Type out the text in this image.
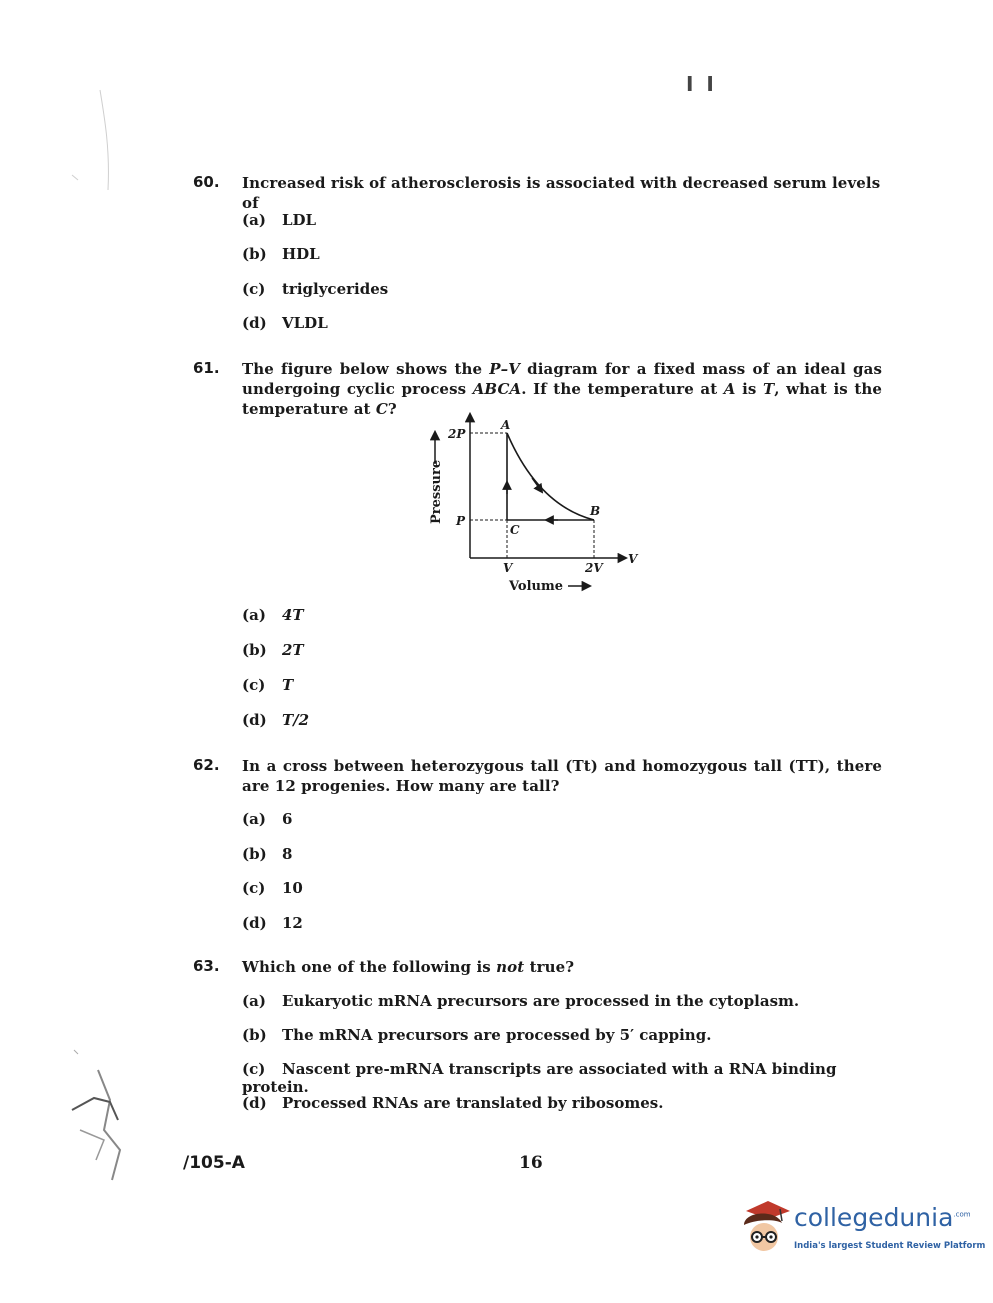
I I
60. Increased risk of atherosclerosis is associated with decreased serum levels of
(a) LDL
(b) HDL
(c) triglycerides
(d) VLDL
61. The figure below shows the P–V diagram for a fixed mass of an ideal gas undergoing cyclic process ABCA. If the temperature at A is T, what is the temperature at C?
2P
P
A
B
C
V	2V
V
Volume
Pressure
(a) 4T
(b) 2T
(c) T
(d) T/2
62. In a cross between heterozygous tall (Tt) and homozygous tall (TT), there are 12 progenies. How many are tall?
(a) 6
(b) 8
(c) 10
(d) 12
63. Which one of the following is not true?
(a) Eukaryotic mRNA precursors are processed in the cytoplasm.
(b) The mRNA precursors are processed by 5′ capping.
(c) Nascent pre-mRNA transcripts are associated with a RNA binding protein.
(d) Processed RNAs are translated by ribosomes.
/105-A	16
collegedunia$^{.com}$
India's largest Student Review Platform
